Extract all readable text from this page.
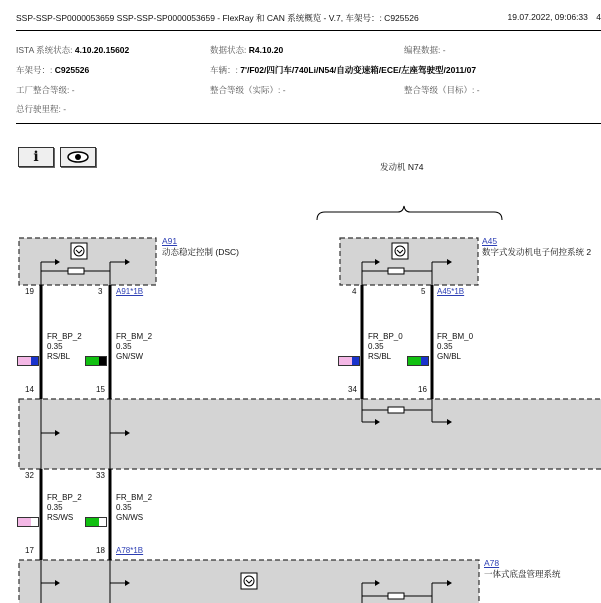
SSP-SSP-SP0000053659 SSP-SSP-SP0000053659 - FlexRay 和 CAN 系统概览 - V.7, 车架号：: C925526	19.07.2022, 09:06:33 4
ISTA 系统状态: 4.10.20.15602	数据状态: R4.10.20	编程数据: -
车架号：: C925526	车辆：: 7'/F02/四门车/740Li/N54/自动变速箱/ECE/左座驾驶型/2011/07
工厂整合等级: -	整合等级（实际）: -	整合等级（目标）: -
总行驶里程: -
i
发动机 N74
A91
动态稳定控制 (DSC)
A45
数字式发动机电子伺控系统 2
19	3 A91*1B	4	5 A45*1B
FR_BP_2
0.35
RS/BL
FR_BM_2
0.35
GN/SW
FR_BP_0
0.35
RS/BL
FR_BM_0
0.35
GN/BL
14	15	34	16
32	33
FR_BP_2
0.35
RS/WS
FR_BM_2
0.35
GN/WS
17	18 A78*1B
A78
一体式底盘管理系统
